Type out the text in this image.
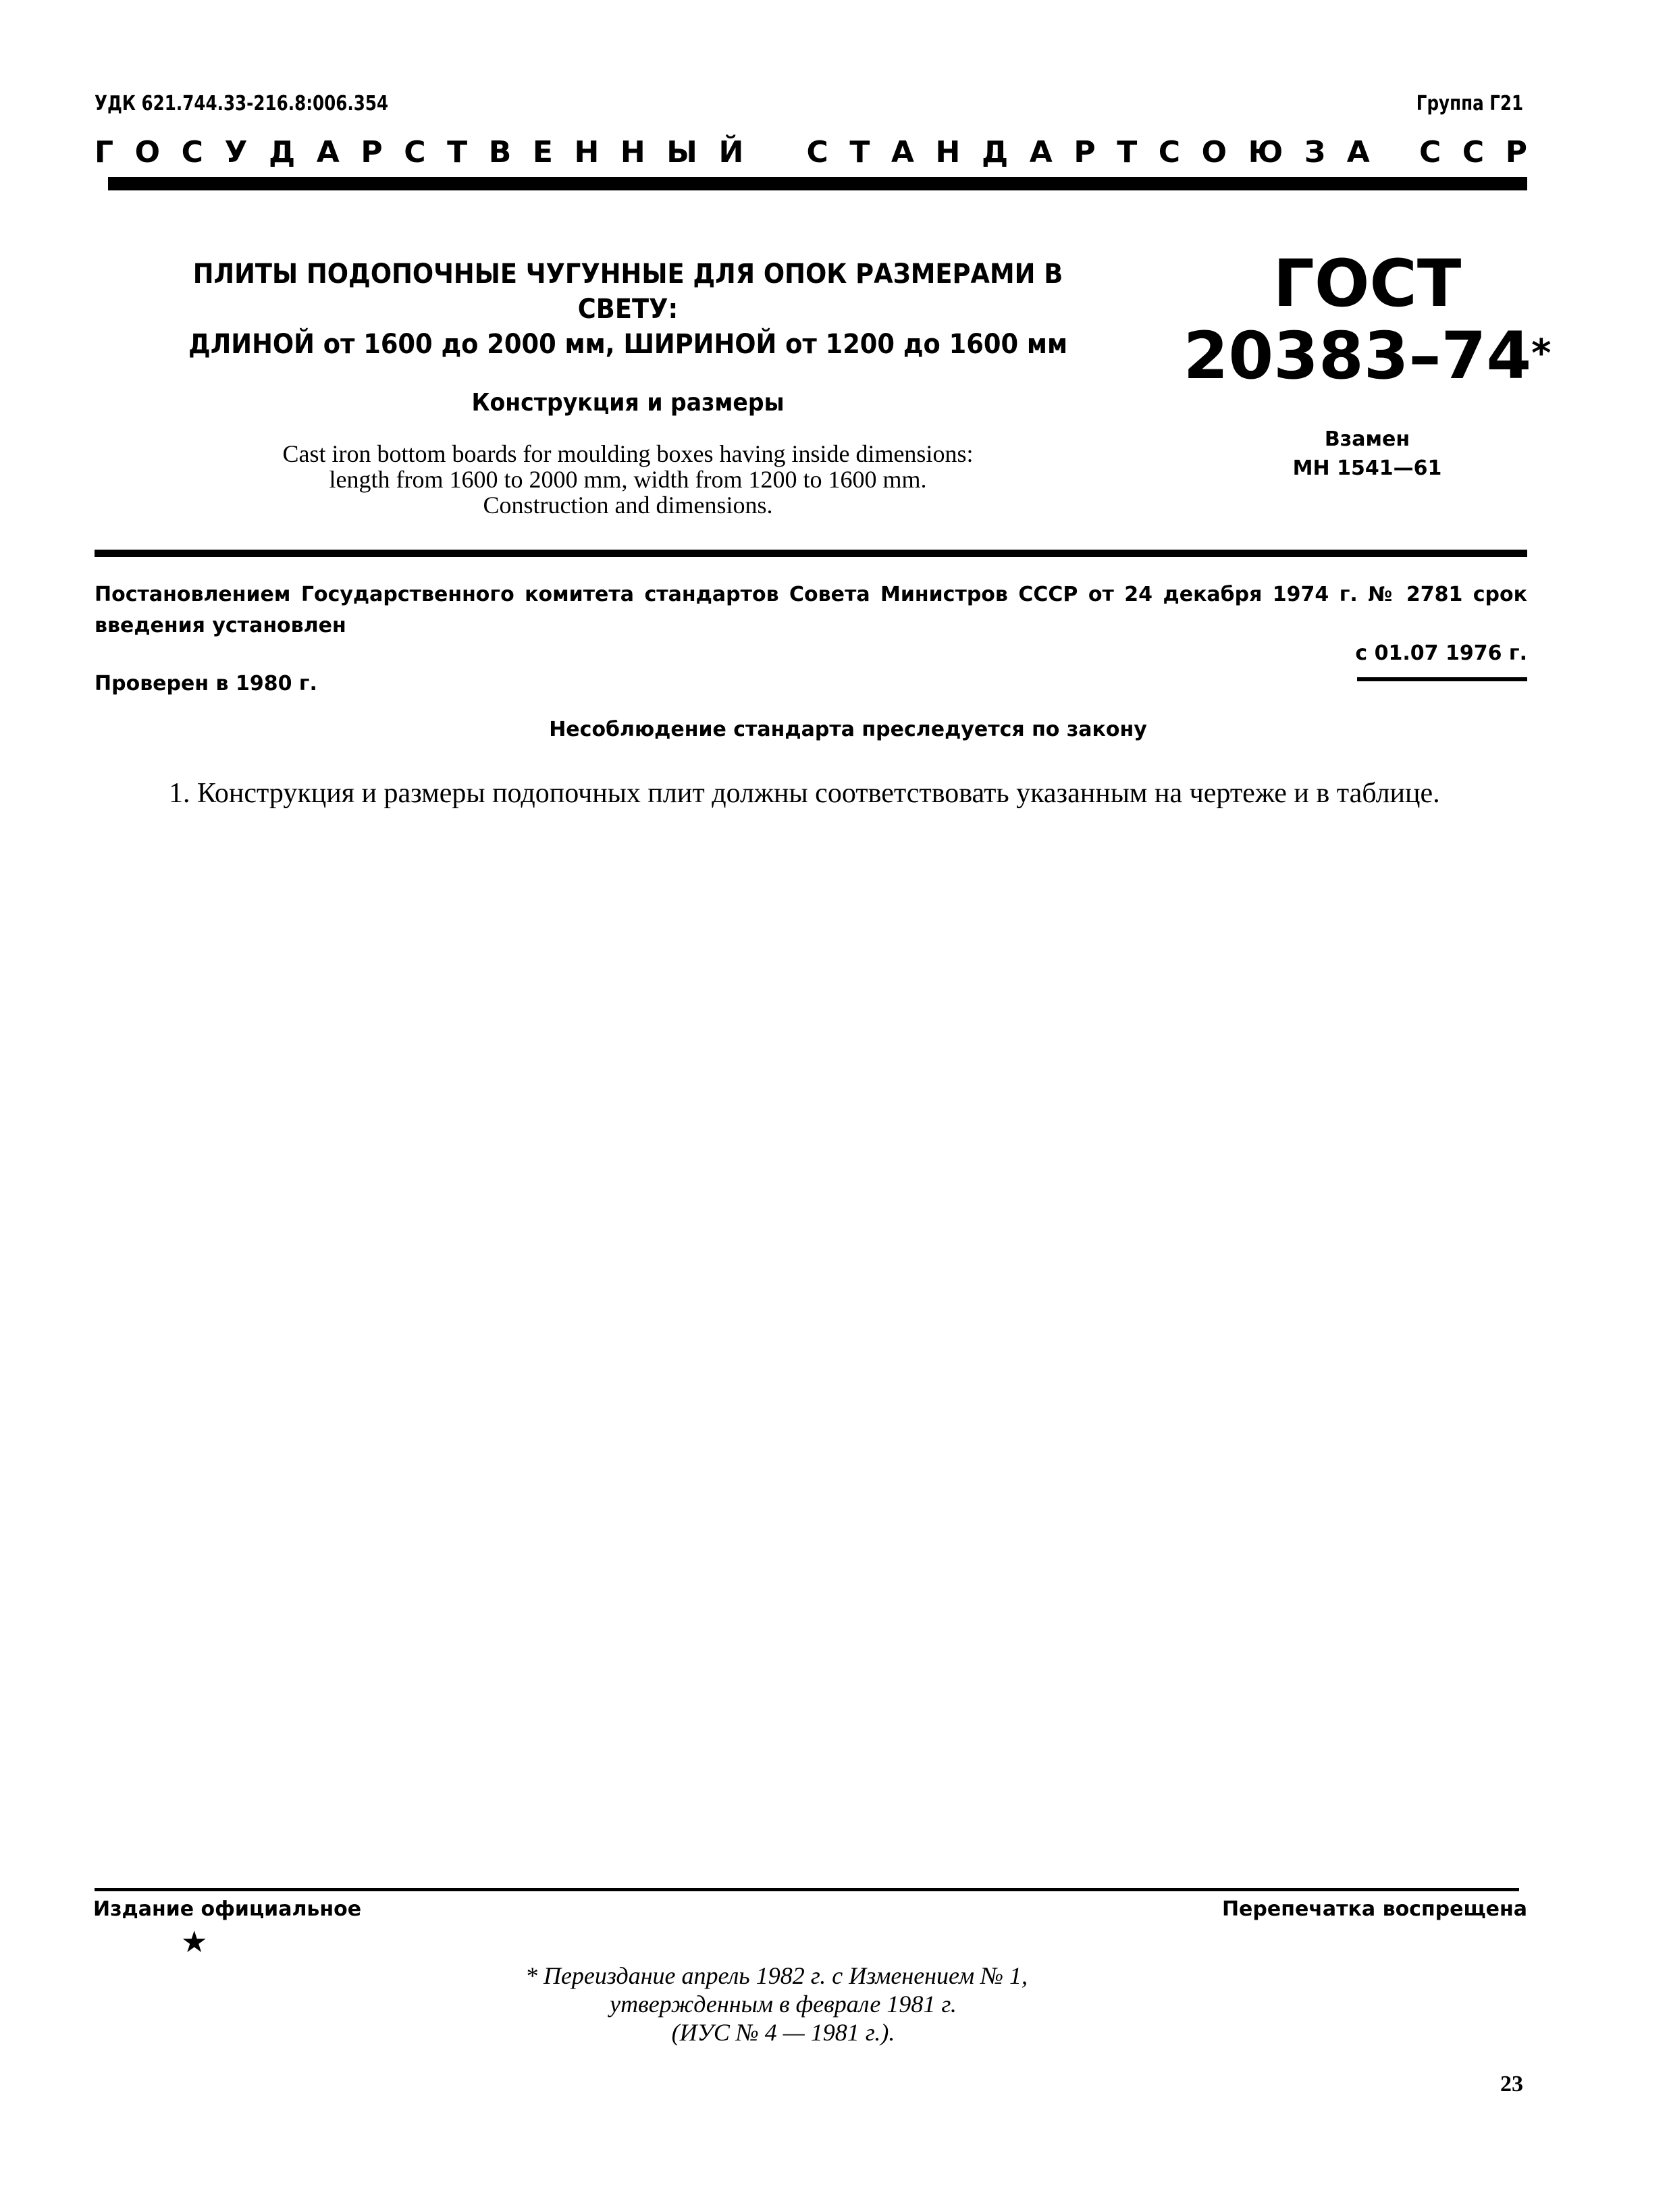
УДК 621.744.33-216.8:006.354	Группа Г21
Г О С У Д А Р С Т В Е Н Н Ы Й С Т А Н Д А Р Т С О Ю З А С С Р
ПЛИТЫ ПОДОПОЧНЫЕ ЧУГУННЫЕ ДЛЯ ОПОК РАЗМЕРАМИ В СВЕТУ:
ДЛИНОЙ от 1600 до 2000 мм, ШИРИНОЙ от 1200 до 1600 мм
Конструкция и размеры
Cast iron bottom boards for moulding boxes having inside dimensions:
length from 1600 to 2000 mm, width from 1200 to 1600 mm.
Construction and dimensions.
ГОСТ
20383–74*
Взамен
МН 1541—61
Постановлением Государственного комитета стандартов Совета Министров СССР от 24 декабря 1974 г. № 2781 срок введения установлен
с 01.07 1976 г.
Проверен в 1980 г.
Несоблюдение стандарта преследуется по закону
1. Конструкция и размеры подопочных плит должны соответствовать указанным на чертеже и в таблице.
Издание официальное
★
Перепечатка воспрещена
* Переиздание апрель 1982 г. с Изменением № 1,
утвержденным в феврале 1981 г.
(ИУС № 4 — 1981 г.).
23
